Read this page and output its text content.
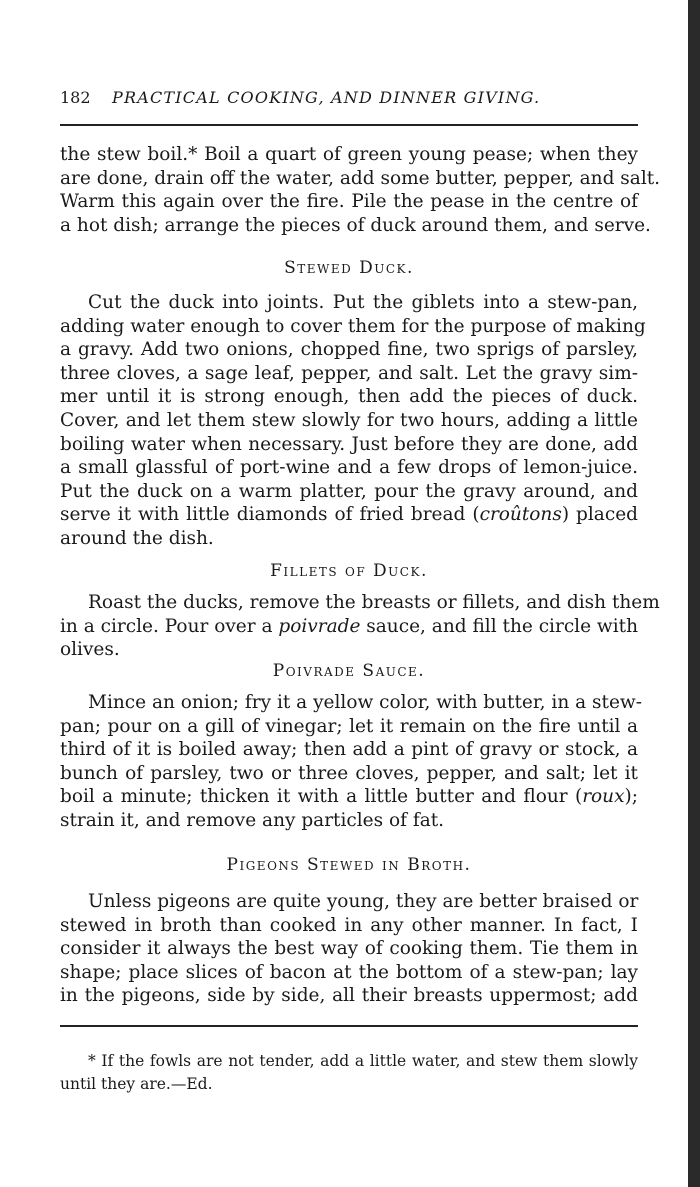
182 PRACTICAL COOKING, AND DINNER GIVING.
the stew boil.* Boil a quart of green young pease; when they
are done, drain off the water, add some butter, pepper, and salt.
Warm this again over the fire. Pile the pease in the centre of
a hot dish; arrange the pieces of duck around them, and serve.
Cut the duck into joints. Put the giblets into a stew-pan,
adding water enough to cover them for the purpose of making
a gravy. Add two onions, chopped fine, two sprigs of parsley,
three cloves, a sage leaf, pepper, and salt. Let the gravy sim-
mer until it is strong enough, then add the pieces of duck.
Cover, and let them stew slowly for two hours, adding a little
boiling water when necessary. Just before they are done, add
a small glassful of port-wine and a few drops of lemon-juice.
Put the duck on a warm platter, pour the gravy around, and
serve it with little diamonds of fried bread (croûtons) placed
around the dish.
Roast the ducks, remove the breasts or fillets, and dish them
in a circle. Pour over a poivrade sauce, and fill the circle with
olives.
Mince an onion; fry it a yellow color, with butter, in a stew-
pan; pour on a gill of vinegar; let it remain on the fire until a
third of it is boiled away; then add a pint of gravy or stock, a
bunch of parsley, two or three cloves, pepper, and salt; let it
boil a minute; thicken it with a little butter and flour (roux);
strain it, and remove any particles of fat.
Unless pigeons are quite young, they are better braised or
stewed in broth than cooked in any other manner. In fact, I
consider it always the best way of cooking them. Tie them in
shape; place slices of bacon at the bottom of a stew-pan; lay
in the pigeons, side by side, all their breasts uppermost; add
Stewed Duck.
Fillets of Duck.
Poivrade Sauce.
Pigeons Stewed in Broth.
* If the fowls are not tender, add a little water, and stew them slowly
until they are.—Ed.
